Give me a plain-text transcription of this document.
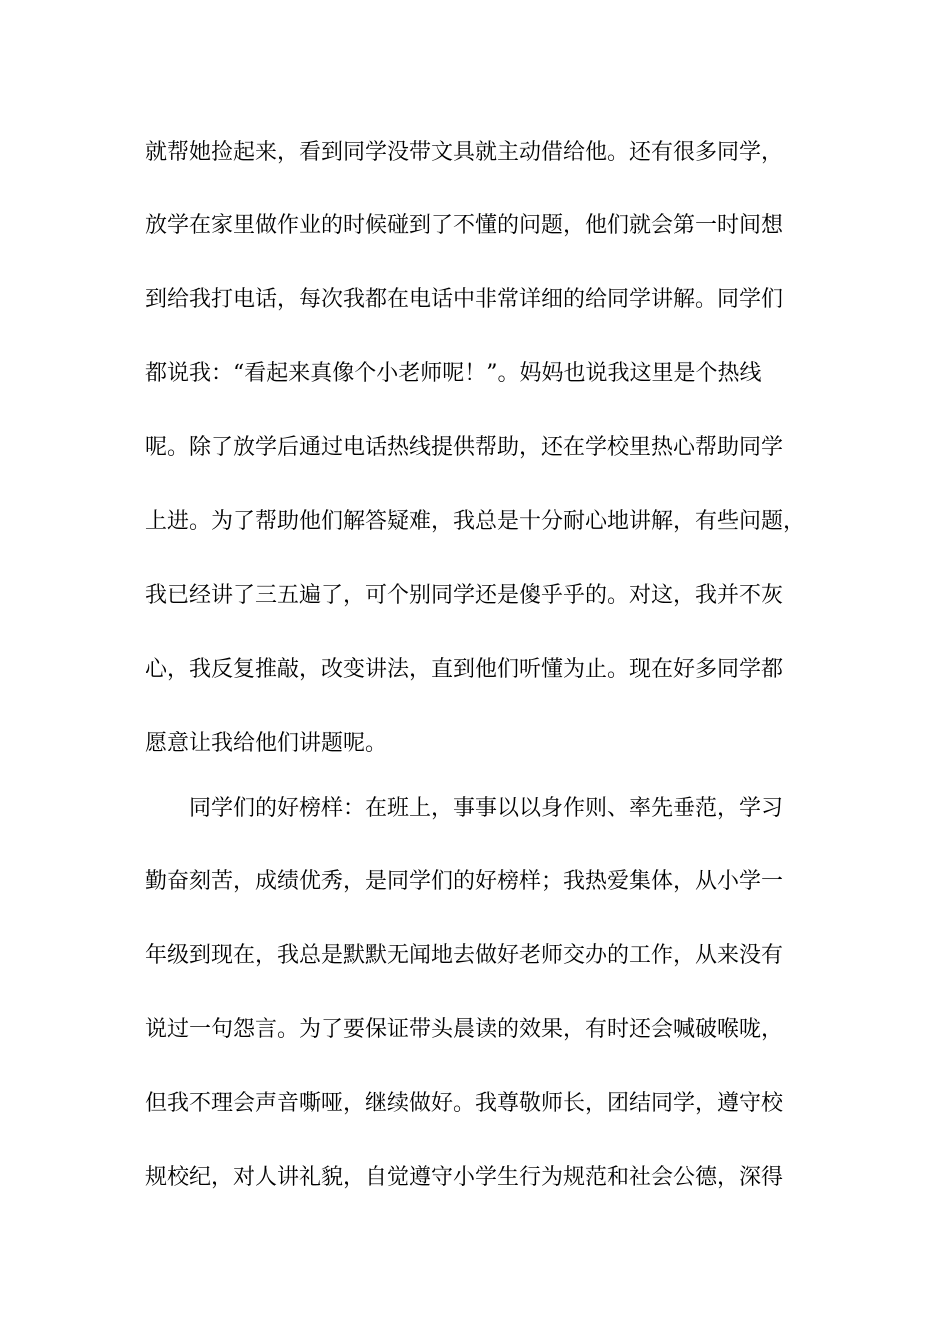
就帮她捡起来，看到同学没带文具就主动借给他。还有很多同学，
放学在家里做作业的时候碰到了不懂的问题，他们就会第一时间想
到给我打电话，每次我都在电话中非常详细的给同学讲解。同学们
都说我：“看起来真像个小老师呢！”。妈妈也说我这里是个热线
呢。除了放学后通过电话热线提供帮助，还在学校里热心帮助同学
上进。为了帮助他们解答疑难，我总是十分耐心地讲解，有些问题，
我已经讲了三五遍了，可个别同学还是傻乎乎的。对这，我并不灰
心，我反复推敲，改变讲法，直到他们听懂为止。现在好多同学都
愿意让我给他们讲题呢。
同学们的好榜样：在班上，事事以以身作则、率先垂范，学习
勤奋刻苦，成绩优秀，是同学们的好榜样；我热爱集体，从小学一
年级到现在，我总是默默无闻地去做好老师交办的工作，从来没有
说过一句怨言。为了要保证带头晨读的效果，有时还会喊破喉咙，
但我不理会声音嘶哑，继续做好。我尊敬师长，团结同学，遵守校
规校纪，对人讲礼貌，自觉遵守小学生行为规范和社会公德，深得
